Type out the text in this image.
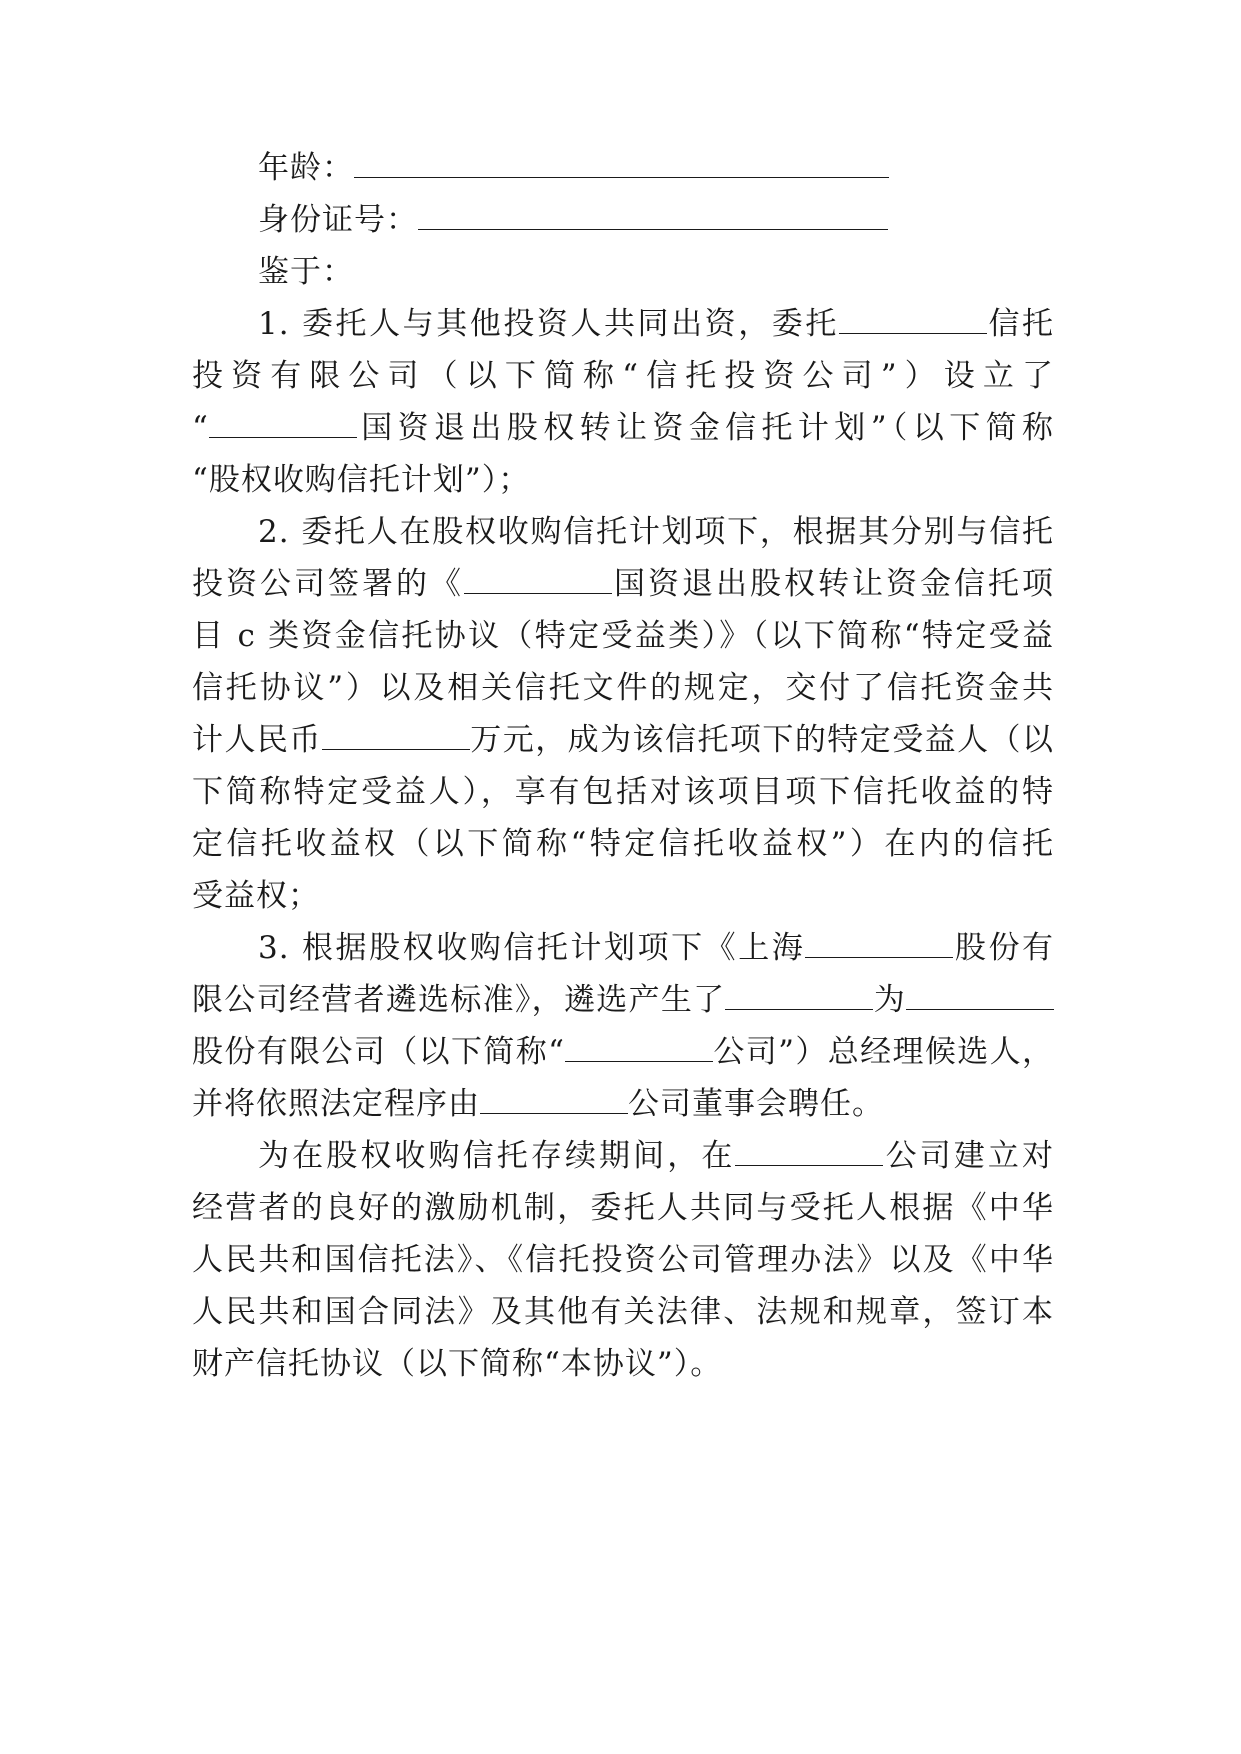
年龄：
身份证号：
鉴于：
1. 委托人与其他投资人共同出资，委托	信托
投资有限公司（以下简称“信托投资公司”）设立了
“	国资退出股权转让资金信托计划”（以下简称
“股权收购信托计划”）；
2. 委托人在股权收购信托计划项下，根据其分别与信托
投资公司签署的《	国资退出股权转让资金信托项
目 c 类资金信托协议（特定受益类）》（以下简称“特定受益
信托协议”）以及相关信托文件的规定，交付了信托资金共
计人民币	万元，成为该信托项下的特定受益人（以
下简称特定受益人），享有包括对该项目项下信托收益的特
定信托收益权（以下简称“特定信托收益权”）在内的信托
受益权；
3. 根据股权收购信托计划项下《上海	股份有
限公司经营者遴选标准》，遴选产生了	为
股份有限公司（以下简称“	公司”）总经理候选人，
并将依照法定程序由	公司董事会聘任。
为在股权收购信托存续期间，在	公司建立对
经营者的良好的激励机制，委托人共同与受托人根据《中华
人民共和国信托法》、《信托投资公司管理办法》以及《中华
人民共和国合同法》及其他有关法律、法规和规章，签订本
财产信托协议（以下简称“本协议”）。
